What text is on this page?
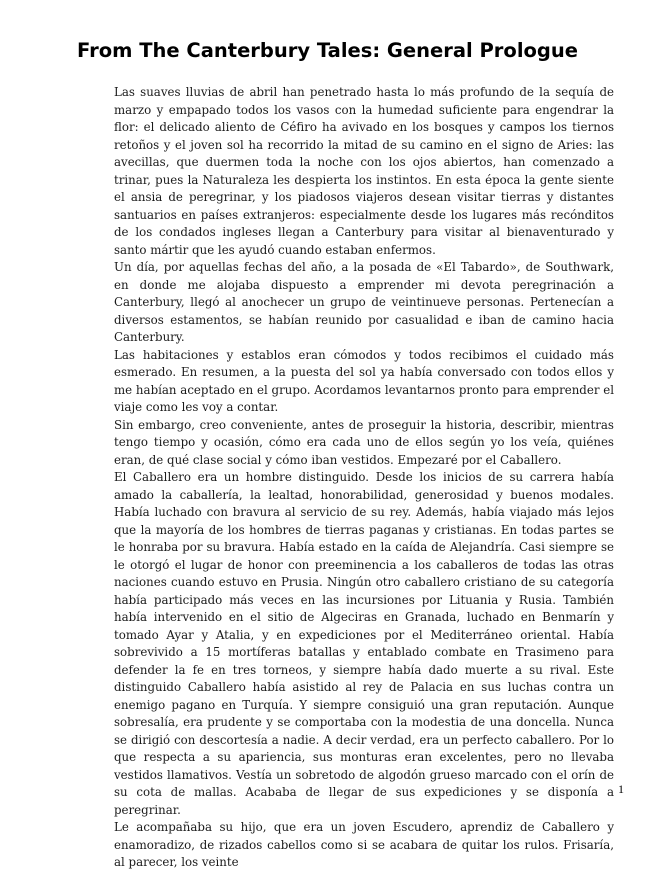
From The Canterbury Tales: General Prologue

Las suaves lluvias de abril han penetrado hasta lo más profundo de la sequía de marzo y empapado todos los vasos con la humedad suficiente para engendrar la flor: el delicado aliento de Céfiro ha avivado en los bosques y campos los tiernos retoños y el joven sol ha recorrido la mitad de su camino en el signo de Aries: las avecillas, que duermen toda la noche con los ojos abiertos, han comenzado a trinar, pues la Naturaleza les despierta los instintos. En esta época la gente siente el ansia de peregrinar, y los piadosos viajeros desean visitar tierras y distantes santuarios en países extranjeros: especialmente desde los lugares más recónditos de los condados ingleses llegan a Canterbury para visitar al bienaventurado y santo mártir que les ayudó cuando estaban enfermos.

Un día, por aquellas fechas del año, a la posada de «El Tabardo», de Southwark, en donde me alojaba dispuesto a emprender mi devota peregrinación a Canterbury, llegó al anochecer un grupo de veintinueve personas. Pertenecían a diversos estamentos, se habían reunido por casualidad e iban de camino hacia Canterbury.

Las habitaciones y establos eran cómodos y todos recibimos el cuidado más esmerado. En resumen, a la puesta del sol ya había conversado con todos ellos y me habían aceptado en el grupo. Acordamos levantarnos pronto para emprender el viaje como les voy a contar.

Sin embargo, creo conveniente, antes de proseguir la historia, describir, mientras tengo tiempo y ocasión, cómo era cada uno de ellos según yo los veía, quiénes eran, de qué clase social y cómo iban vestidos. Empezaré por el Caballero.

El Caballero era un hombre distinguido. Desde los inicios de su carrera había amado la caballería, la lealtad, honorabilidad, generosidad y buenos modales. Había luchado con bravura al servicio de su rey. Además, había viajado más lejos que la mayoría de los hombres de tierras paganas y cristianas. En todas partes se le honraba por su bravura. Había estado en la caída de Alejandría. Casi siempre se le otorgó el lugar de honor con preeminencia a los caballeros de todas las otras naciones cuando estuvo en Prusia. Ningún otro caballero cristiano de su categoría había participado más veces en las incursiones por Lituania y Rusia. También había intervenido en el sitio de Algeciras en Granada, luchado en Benmarín y tomado Ayar y Atalia, y en expediciones por el Mediterráneo oriental. Había sobrevivido a 15 mortíferas batallas y entablado combate en Trasimeno para defender la fe en tres torneos, y siempre había dado muerte a su rival. Este distinguido Caballero había asistido al rey de Palacia en sus luchas contra un enemigo pagano en Turquía. Y siempre consiguió una gran reputación. Aunque sobresalía, era prudente y se comportaba con la modestia de una doncella. Nunca se dirigió con descortesía a nadie. A decir verdad, era un perfecto caballero. Por lo que respecta a su apariencia, sus monturas eran excelentes, pero no llevaba vestidos llamativos. Vestía un sobretodo de algodón grueso marcado con el orín de su cota de mallas. Acababa de llegar de sus expediciones y se disponía a peregrinar.

Le acompañaba su hijo, que era un joven Escudero, aprendiz de Caballero y enamoradizo, de rizados cabellos como si se acabara de quitar los rulos. Frisaría, al parecer, los veinte

1
